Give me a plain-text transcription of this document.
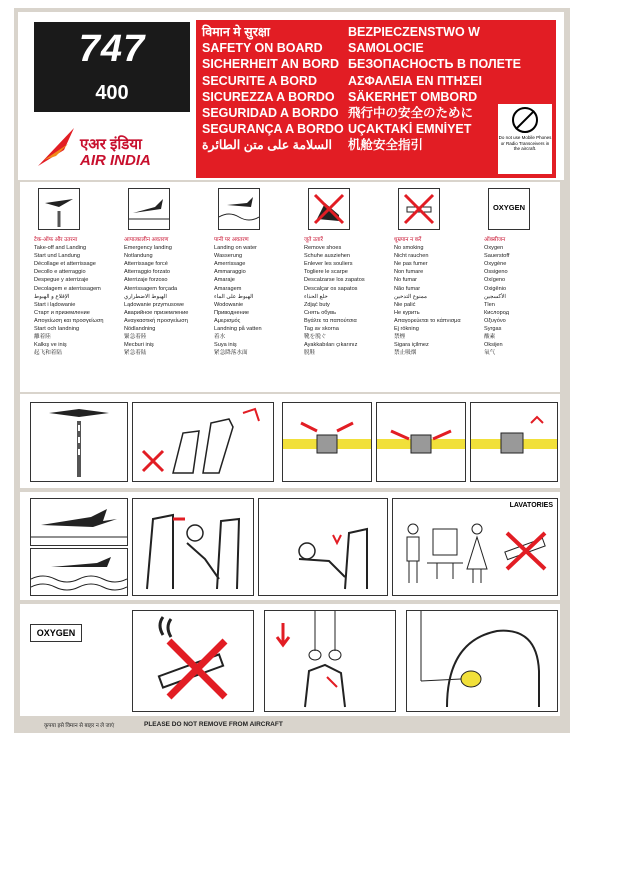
747
400
एअर इंडिया
AIR INDIA
विमान मे सुरक्षा
SAFETY ON BOARD
SICHERHEIT AN BORD
SECURITE A BORD
SICUREZZA A BORDO
SEGURIDAD A BORDO
SEGURANÇA A BORDO
السلامة على متن الطائرة
BEZPIECZENSTWO W SAMOLOCIE
БЕЗОПАСНОСТЬ В ПОЛЕТЕ
ΑΣΦΑΛΕΙΑ ΕΝ ΠΤΗΣΕΙ
SÄKERHET OMBORD
飛行中の安全のために
UÇAKTAKİ EMNİYET
机舱安全指引
Do not use Mobile Phones or Radio Transceivers in the aircraft.
टेक-ऑफ और उतरना
Take-off and Landing
Start und Landung
Décollage et atterrissage
Decollo e atterraggio
Despegue y aterrizaje
Decolagem e aterrissagem
الإقلاع و الهبوط
Start i lądowanie
Старт и приземление
Απογείωση και προσγείωση
Start och landning
離着陸
Kalkış ve iniş
起飞和着陆
आपात्कालीन अवतरण
Emergency landing
Notlandung
Atterrissage forcé
Atterraggio forzato
Aterrizaje forzoso
Aterrissagem forçada
الهبوط الاضطراري
Lądowanie przymusowe
Аварийное приземление
Αναγκαστική προσγείωση
Nödlandning
緊急着陸
Mecburi iniş
紧急着陆
पानी पर अवतरण
Landing on water
Wasserung
Amerrissage
Ammaraggio
Amaraje
Amaragem
الهبوط على الماء
Wodowanie
Приводнение
Αμερισμός
Landning på vatten
着水
Suya iniş
紧急降落水面
जूते उतारें
Remove shoes
Schuhe ausziehen
Enlever les souliers
Togliere le scarpe
Descalzarse los zapatos
Descalçar os sapatos
خلع الحذاء
Zdjąć buty
Снять обувь
Βγάλτε τα παπούτσια
Tag av skorna
靴を脱ぐ
Ayakkabıları çıkarınız
脱鞋
धूम्रपान न करें
No smoking
Nicht rauchen
Ne pas fumer
Non fumare
No fumar
Não fumar
ممنوع التدخين
Nie palić
Не курить
Απαγορεύεται το κάπνισμα
Ej rökning
禁煙
Sigara içilmez
禁止吸烟
OXYGEN
ऑक्सीजन
Oxygen
Sauerstoff
Oxygène
Ossigeno
Oxígeno
Oxigênio
الأكسجين
Tlen
Кислород
Οξυγόνο
Syrgas
酸素
Oksijen
氧气
LAVATORIES
OXYGEN
कृपया इसे विमान से बाहर न ले जाएं	PLEASE DO NOT REMOVE FROM AIRCRAFT
